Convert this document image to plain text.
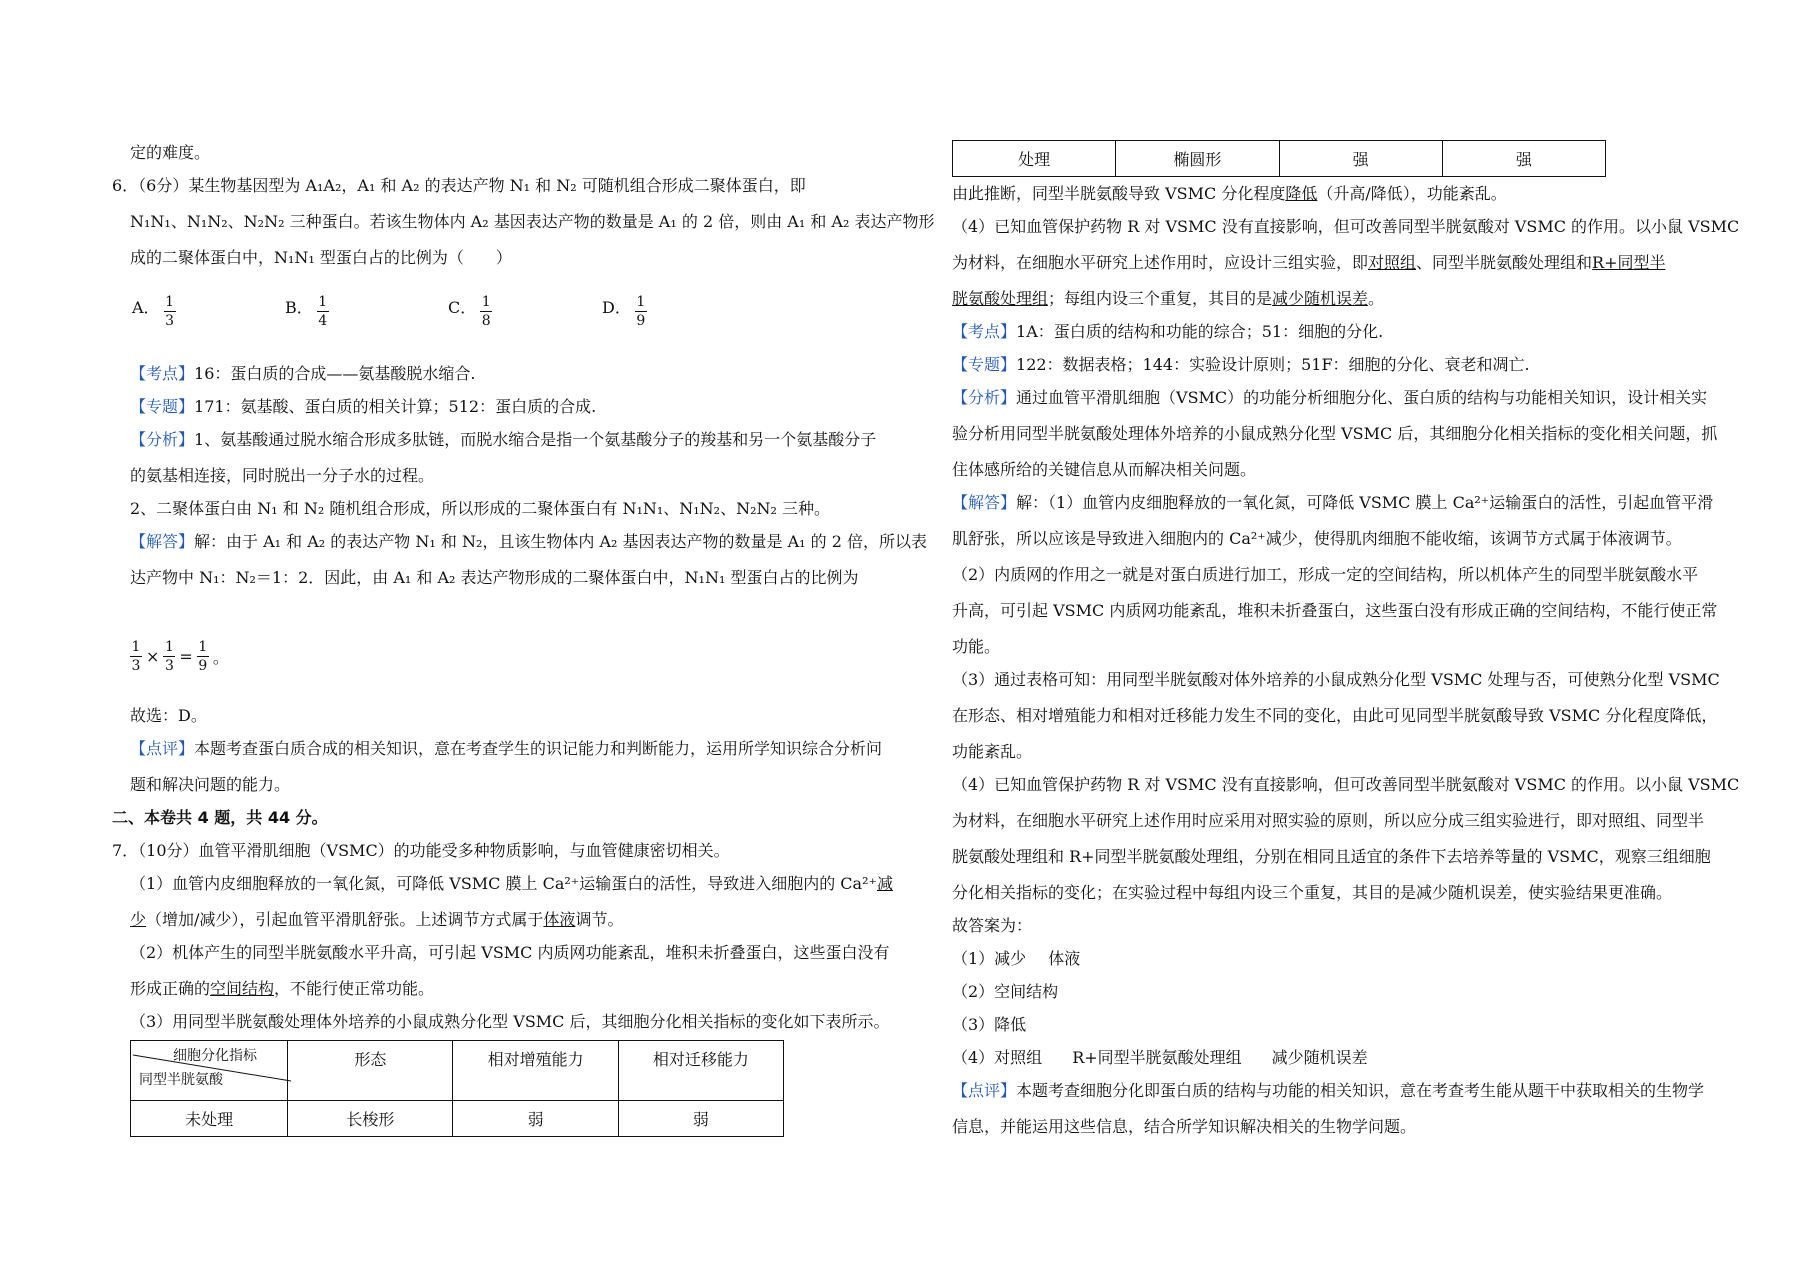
定的难度。
6．（6分）某生物基因型为 A₁A₂，A₁ 和 A₂ 的表达产物 N₁ 和 N₂ 可随机组合形成二聚体蛋白，即
N₁N₁、N₁N₂、N₂N₂ 三种蛋白。若该生物体内 A₂ 基因表达产物的数量是 A₁ 的 2 倍，则由 A₁ 和 A₂ 表达产物形
成的二聚体蛋白中，N₁N₁ 型蛋白占的比例为（　　）
A． $\frac{1}{3}$	B． $\frac{1}{4}$	C． $\frac{1}{8}$	D． $\frac{1}{9}$
【考点】16：蛋白质的合成——氨基酸脱水缩合.
【专题】171：氨基酸、蛋白质的相关计算；512：蛋白质的合成.
【分析】1、氨基酸通过脱水缩合形成多肽链，而脱水缩合是指一个氨基酸分子的羧基和另一个氨基酸分子
的氨基相连接，同时脱出一分子水的过程。
2、二聚体蛋白由 N₁ 和 N₂ 随机组合形成，所以形成的二聚体蛋白有 N₁N₁、N₁N₂、N₂N₂ 三种。
【解答】解：由于 A₁ 和 A₂ 的表达产物 N₁ 和 N₂，且该生物体内 A₂ 基因表达产物的数量是 A₁ 的 2 倍，所以表
达产物中 N₁：N₂＝1：2．因此，由 A₁ 和 A₂ 表达产物形成的二聚体蛋白中，N₁N₁ 型蛋白占的比例为
$\frac{1}{3} \times \frac{1}{3} = \frac{1}{9}$ 。
故选：D。
【点评】本题考查蛋白质合成的相关知识，意在考查学生的识记能力和判断能力，运用所学知识综合分析问
题和解决问题的能力。
二、本卷共 4 题，共 44 分。
7．（10分）血管平滑肌细胞（VSMC）的功能受多种物质影响，与血管健康密切相关。
（1）血管内皮细胞释放的一氧化氮，可降低 VSMC 膜上 Ca²⁺运输蛋白的活性，导致进入细胞内的 Ca²⁺减
少（增加/减少），引起血管平滑肌舒张。上述调节方式属于体液调节。
（2）机体产生的同型半胱氨酸水平升高，可引起 VSMC 内质网功能紊乱，堆积未折叠蛋白，这些蛋白没有
形成正确的空间结构，不能行使正常功能。
（3）用同型半胱氨酸处理体外培养的小鼠成熟分化型 VSMC 后，其细胞分化相关指标的变化如下表所示。
细胞分化指标
同型半胱氨酸	形态	相对增殖能力	相对迁移能力
未处理	长梭形	弱	弱
处理	椭圆形	强	强
由此推断，同型半胱氨酸导致 VSMC 分化程度降低（升高/降低），功能紊乱。
（4）已知血管保护药物 R 对 VSMC 没有直接影响，但可改善同型半胱氨酸对 VSMC 的作用。以小鼠 VSMC
为材料，在细胞水平研究上述作用时，应设计三组实验，即对照组、同型半胱氨酸处理组和R+同型半
胱氨酸处理组；每组内设三个重复，其目的是减少随机误差。
【考点】1A：蛋白质的结构和功能的综合；51：细胞的分化.
【专题】122：数据表格；144：实验设计原则；51F：细胞的分化、衰老和凋亡.
【分析】通过血管平滑肌细胞（VSMC）的功能分析细胞分化、蛋白质的结构与功能相关知识，设计相关实
验分析用同型半胱氨酸处理体外培养的小鼠成熟分化型 VSMC 后，其细胞分化相关指标的变化相关问题，抓
住体感所给的关键信息从而解决相关问题。
【解答】解：（1）血管内皮细胞释放的一氧化氮，可降低 VSMC 膜上 Ca²⁺运输蛋白的活性，引起血管平滑
肌舒张，所以应该是导致进入细胞内的 Ca²⁺减少，使得肌肉细胞不能收缩，该调节方式属于体液调节。
（2）内质网的作用之一就是对蛋白质进行加工，形成一定的空间结构，所以机体产生的同型半胱氨酸水平
升高，可引起 VSMC 内质网功能紊乱，堆积未折叠蛋白，这些蛋白没有形成正确的空间结构，不能行使正常
功能。
（3）通过表格可知：用同型半胱氨酸对体外培养的小鼠成熟分化型 VSMC 处理与否，可使熟分化型 VSMC
在形态、相对增殖能力和相对迁移能力发生不同的变化，由此可见同型半胱氨酸导致 VSMC 分化程度降低，
功能紊乱。
（4）已知血管保护药物 R 对 VSMC 没有直接影响，但可改善同型半胱氨酸对 VSMC 的作用。以小鼠 VSMC
为材料，在细胞水平研究上述作用时应采用对照实验的原则，所以应分成三组实验进行，即对照组、同型半
胱氨酸处理组和 R+同型半胱氨酸处理组，分别在相同且适宜的条件下去培养等量的 VSMC，观察三组细胞
分化相关指标的变化；在实验过程中每组内设三个重复，其目的是减少随机误差，使实验结果更准确。
故答案为：
（1）减少 体液
（2）空间结构
（3）降低
（4）对照组 R+同型半胱氨酸处理组 减少随机误差
【点评】本题考查细胞分化即蛋白质的结构与功能的相关知识，意在考查考生能从题干中获取相关的生物学
信息，并能运用这些信息，结合所学知识解决相关的生物学问题。
